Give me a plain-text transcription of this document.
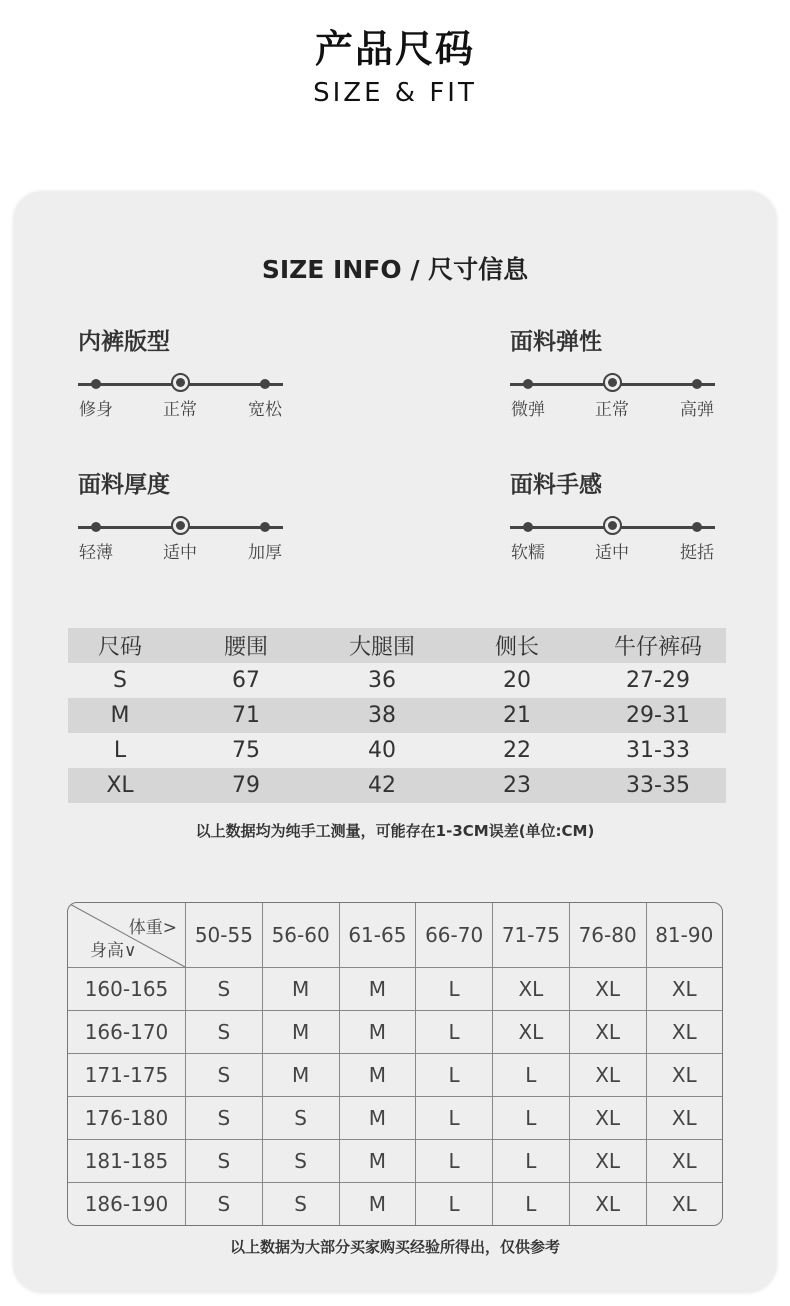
产品尺码
SIZE & FIT
SIZE INFO / 尺寸信息
内裤版型
修身	正常	宽松
面料弹性
微弹	正常	高弹
面料厚度
轻薄	适中	加厚
面料手感
软糯	适中	挺括
尺码	腰围	大腿围	侧长	牛仔裤码
S	67	36	20	27-29
M	71	38	21	29-31
L	75	40	22	31-33
XL	79	42	23	33-35
以上数据均为纯手工测量，可能存在1-3CM误差(单位:CM)
体重>
身高∨	50-55	56-60	61-65	66-70	71-75	76-80	81-90
160-165	S	M	M	L	XL	XL	XL
166-170	S	M	M	L	XL	XL	XL
171-175	S	M	M	L	L	XL	XL
176-180	S	S	M	L	L	XL	XL
181-185	S	S	M	L	L	XL	XL
186-190	S	S	M	L	L	XL	XL
以上数据为大部分买家购买经验所得出，仅供参考
